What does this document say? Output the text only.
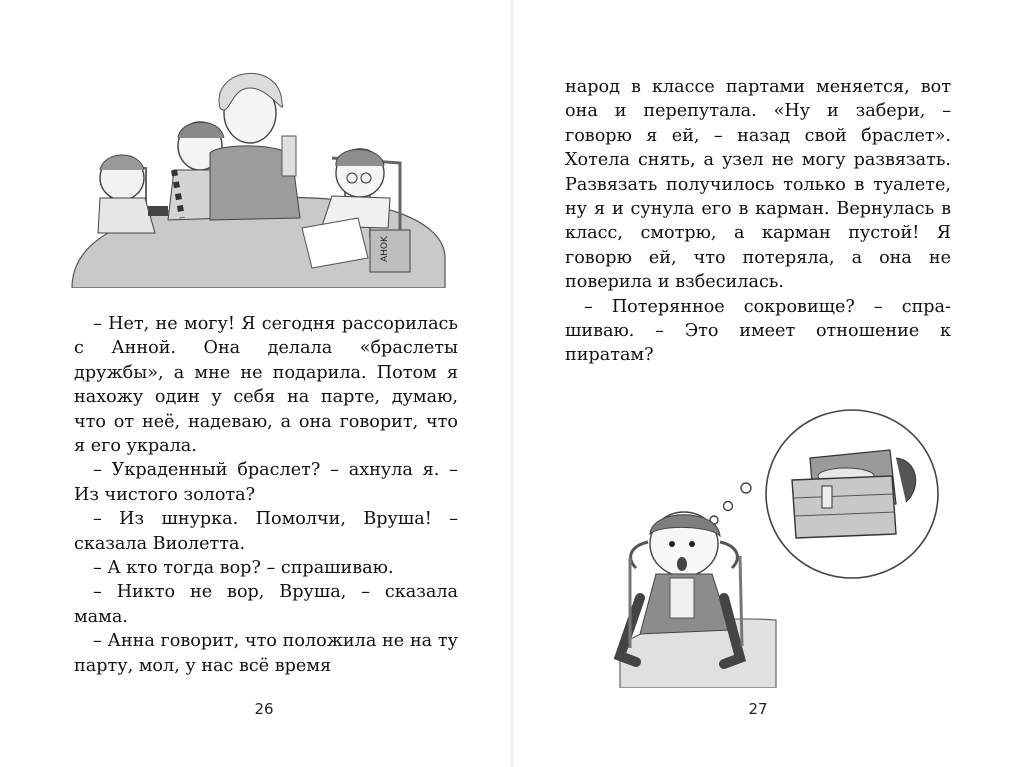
AHOK

– Нет, не могу! Я сегодня рассорилась с Анной. Она делала «браслеты дружбы», а мне не подарила. Потом я нахожу один у себя на парте, думаю, что от неё, надеваю, а она говорит, что я его украла.

– Украденный браслет? – ахнула я. – Из чистого золота?

– Из шнурка. Помолчи, Вруша! – сказала Виолетта.

– А кто тогда вор? – спрашиваю.

– Никто не вор, Вруша, – сказала мама.

– Анна говорит, что положила не на ту парту, мол, у нас всё время

26

народ в классе партами меняется, вот она и перепутала. «Ну и забери, – говорю я ей, – назад свой браслет». Хотела снять, а узел не могу развязать. Развязать получилось только в туалете, ну я и сунула его в карман. Вернулась в класс, смотрю, а карман пустой! Я говорю ей, что потеряла, а она не поверила и взбесилась.

– Потерянное сокровище? – спрашиваю. – Это имеет отношение к пиратам?

27
